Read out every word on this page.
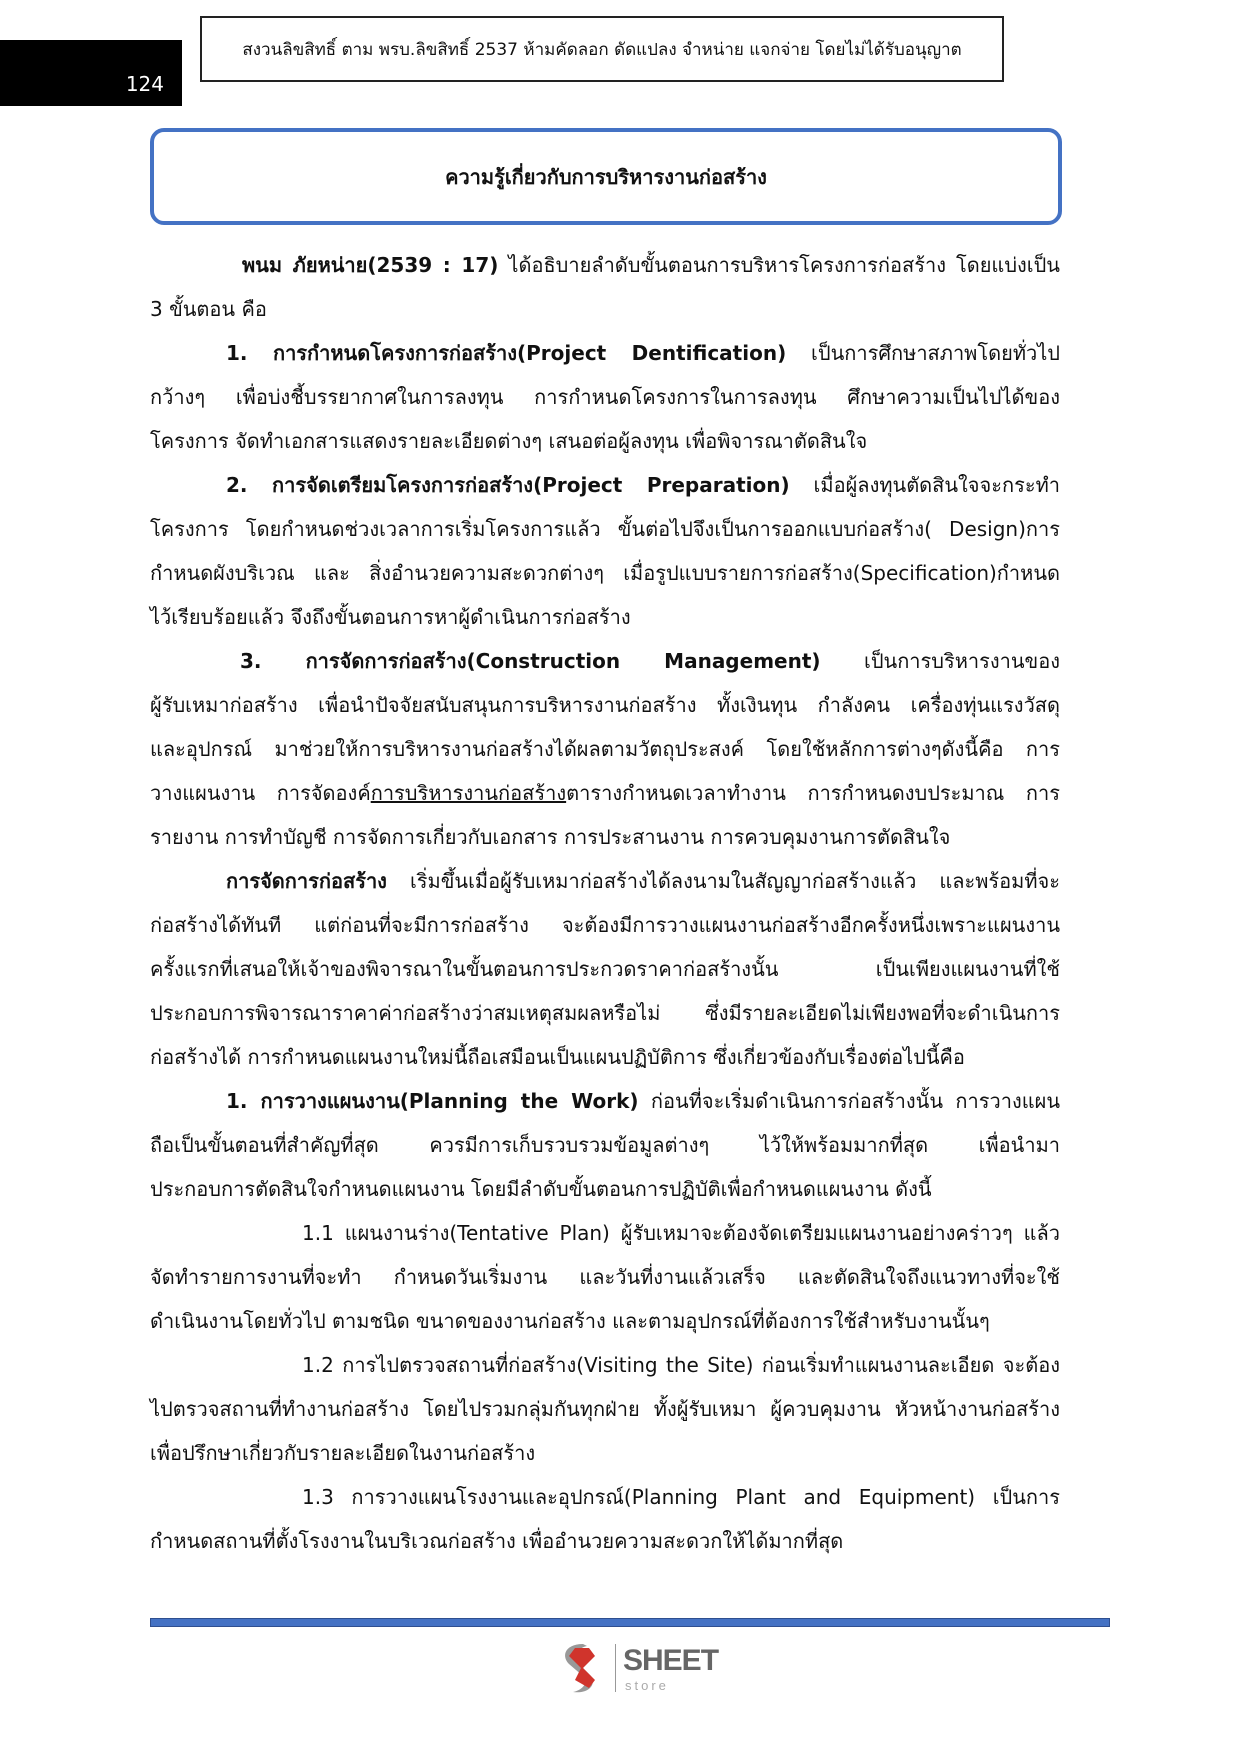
124
สงวนลิขสิทธิ์ ตาม พรบ.ลิขสิทธิ์ 2537 ห้ามคัดลอก ดัดแปลง จำหน่าย แจกจ่าย โดยไม่ได้รับอนุญาต
ความรู้เกี่ยวกับการบริหารงานก่อสร้าง
พนม ภัยหน่าย(2539 : 17) ได้อธิบายลำดับขั้นตอนการบริหารโครงการก่อสร้าง โดยแบ่งเป็น
3 ขั้นตอน คือ
1. การกำหนดโครงการก่อสร้าง(Project Dentification) เป็นการศึกษาสภาพโดยทั่วไป
กว้างๆ เพื่อบ่งชี้บรรยากาศในการลงทุน การกำหนดโครงการในการลงทุน ศึกษาความเป็นไปได้ของ
โครงการ จัดทำเอกสารแสดงรายละเอียดต่างๆ เสนอต่อผู้ลงทุน เพื่อพิจารณาตัดสินใจ
2. การจัดเตรียมโครงการก่อสร้าง(Project Preparation) เมื่อผู้ลงทุนตัดสินใจจะกระทำ
โครงการ โดยกำหนดช่วงเวลาการเริ่มโครงการแล้ว ขั้นต่อไปจึงเป็นการออกแบบก่อสร้าง( Design)การ
กำหนดผังบริเวณ และ สิ่งอำนวยความสะดวกต่างๆ เมื่อรูปแบบรายการก่อสร้าง(Specification)กำหนด
ไว้เรียบร้อยแล้ว จึงถึงขั้นตอนการหาผู้ดำเนินการก่อสร้าง
3. การจัดการก่อสร้าง(Construction Management) เป็นการบริหารงานของ
ผู้รับเหมาก่อสร้าง เพื่อนำปัจจัยสนับสนุนการบริหารงานก่อสร้าง ทั้งเงินทุน กำลังคน เครื่องทุ่นแรงวัสดุ
และอุปกรณ์ มาช่วยให้การบริหารงานก่อสร้างได้ผลตามวัตถุประสงค์ โดยใช้หลักการต่างๆดังนี้คือ การ
วางแผนงาน การจัดองค์การบริหารงานก่อสร้างตารางกำหนดเวลาทำงาน การกำหนดงบประมาณ การ
รายงาน การทำบัญชี การจัดการเกี่ยวกับเอกสาร การประสานงาน การควบคุมงานการตัดสินใจ
การจัดการก่อสร้าง เริ่มขึ้นเมื่อผู้รับเหมาก่อสร้างได้ลงนามในสัญญาก่อสร้างแล้ว และพร้อมที่จะ
ก่อสร้างได้ทันที แต่ก่อนที่จะมีการก่อสร้าง จะต้องมีการวางแผนงานก่อสร้างอีกครั้งหนึ่งเพราะแผนงาน
ครั้งแรกที่เสนอให้เจ้าของพิจารณาในขั้นตอนการประกวดราคาก่อสร้างนั้น เป็นเพียงแผนงานที่ใช้
ประกอบการพิจารณาราคาค่าก่อสร้างว่าสมเหตุสมผลหรือไม่ ซึ่งมีรายละเอียดไม่เพียงพอที่จะดำเนินการ
ก่อสร้างได้ การกำหนดแผนงานใหม่นี้ถือเสมือนเป็นแผนปฏิบัติการ ซึ่งเกี่ยวข้องกับเรื่องต่อไปนี้คือ
1. การวางแผนงาน(Planning the Work) ก่อนที่จะเริ่มดำเนินการก่อสร้างนั้น การวางแผน
ถือเป็นขั้นตอนที่สำคัญที่สุด ควรมีการเก็บรวบรวมข้อมูลต่างๆ ไว้ให้พร้อมมากที่สุด เพื่อนำมา
ประกอบการตัดสินใจกำหนดแผนงาน โดยมีลำดับขั้นตอนการปฏิบัติเพื่อกำหนดแผนงาน ดังนี้
1.1 แผนงานร่าง(Tentative Plan) ผู้รับเหมาจะต้องจัดเตรียมแผนงานอย่างคร่าวๆ แล้ว
จัดทำรายการงานที่จะทำ กำหนดวันเริ่มงาน และวันที่งานแล้วเสร็จ และตัดสินใจถึงแนวทางที่จะใช้
ดำเนินงานโดยทั่วไป ตามชนิด ขนาดของงานก่อสร้าง และตามอุปกรณ์ที่ต้องการใช้สำหรับงานนั้นๆ
1.2 การไปตรวจสถานที่ก่อสร้าง(Visiting the Site) ก่อนเริ่มทำแผนงานละเอียด จะต้อง
ไปตรวจสถานที่ทำงานก่อสร้าง โดยไปรวมกลุ่มกันทุกฝ่าย ทั้งผู้รับเหมา ผู้ควบคุมงาน หัวหน้างานก่อสร้าง
เพื่อปรึกษาเกี่ยวกับรายละเอียดในงานก่อสร้าง
1.3 การวางแผนโรงงานและอุปกรณ์(Planning Plant and Equipment) เป็นการ
กำหนดสถานที่ตั้งโรงงานในบริเวณก่อสร้าง เพื่ออำนวยความสะดวกให้ได้มากที่สุด
SHEET
store
